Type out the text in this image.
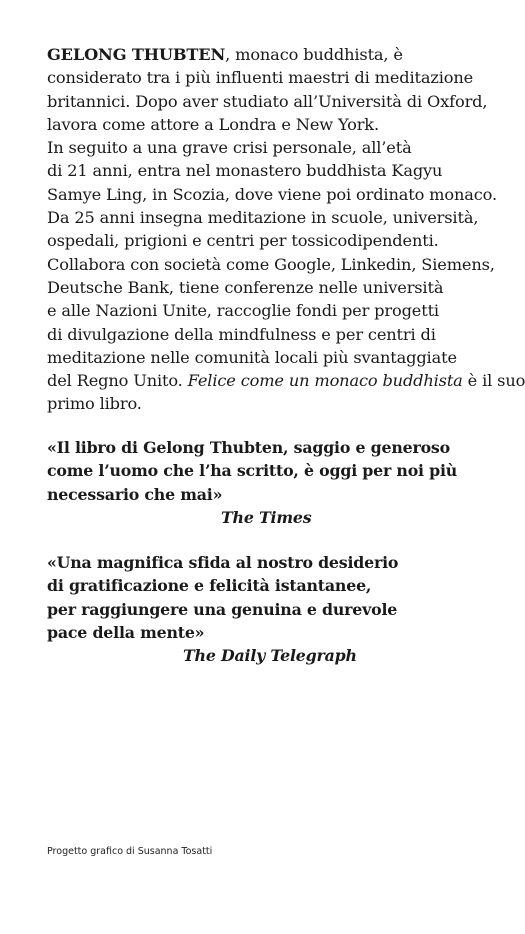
GELONG THUBTEN, monaco buddhista, è
considerato tra i più influenti maestri di meditazione
britannici. Dopo aver studiato all’Università di Oxford,
lavora come attore a Londra e New York.
In seguito a una grave crisi personale, all’età
di 21 anni, entra nel monastero buddhista Kagyu
Samye Ling, in Scozia, dove viene poi ordinato monaco.
Da 25 anni insegna meditazione in scuole, università,
ospedali, prigioni e centri per tossicodipendenti.
Collabora con società come Google, Linkedin, Siemens,
Deutsche Bank, tiene conferenze nelle università
e alle Nazioni Unite, raccoglie fondi per progetti
di divulgazione della mindfulness e per centri di
meditazione nelle comunità locali più svantaggiate
del Regno Unito. Felice come un monaco buddhista è il suo
primo libro.
«Il libro di Gelong Thubten, saggio e generoso
come l’uomo che l’ha scritto, è oggi per noi più
necessario che mai»
The Times
«Una magnifica sfida al nostro desiderio
di gratificazione e felicità istantanee,
per raggiungere una genuina e durevole
pace della mente»
The Daily Telegraph
Progetto grafico di Susanna Tosatti
